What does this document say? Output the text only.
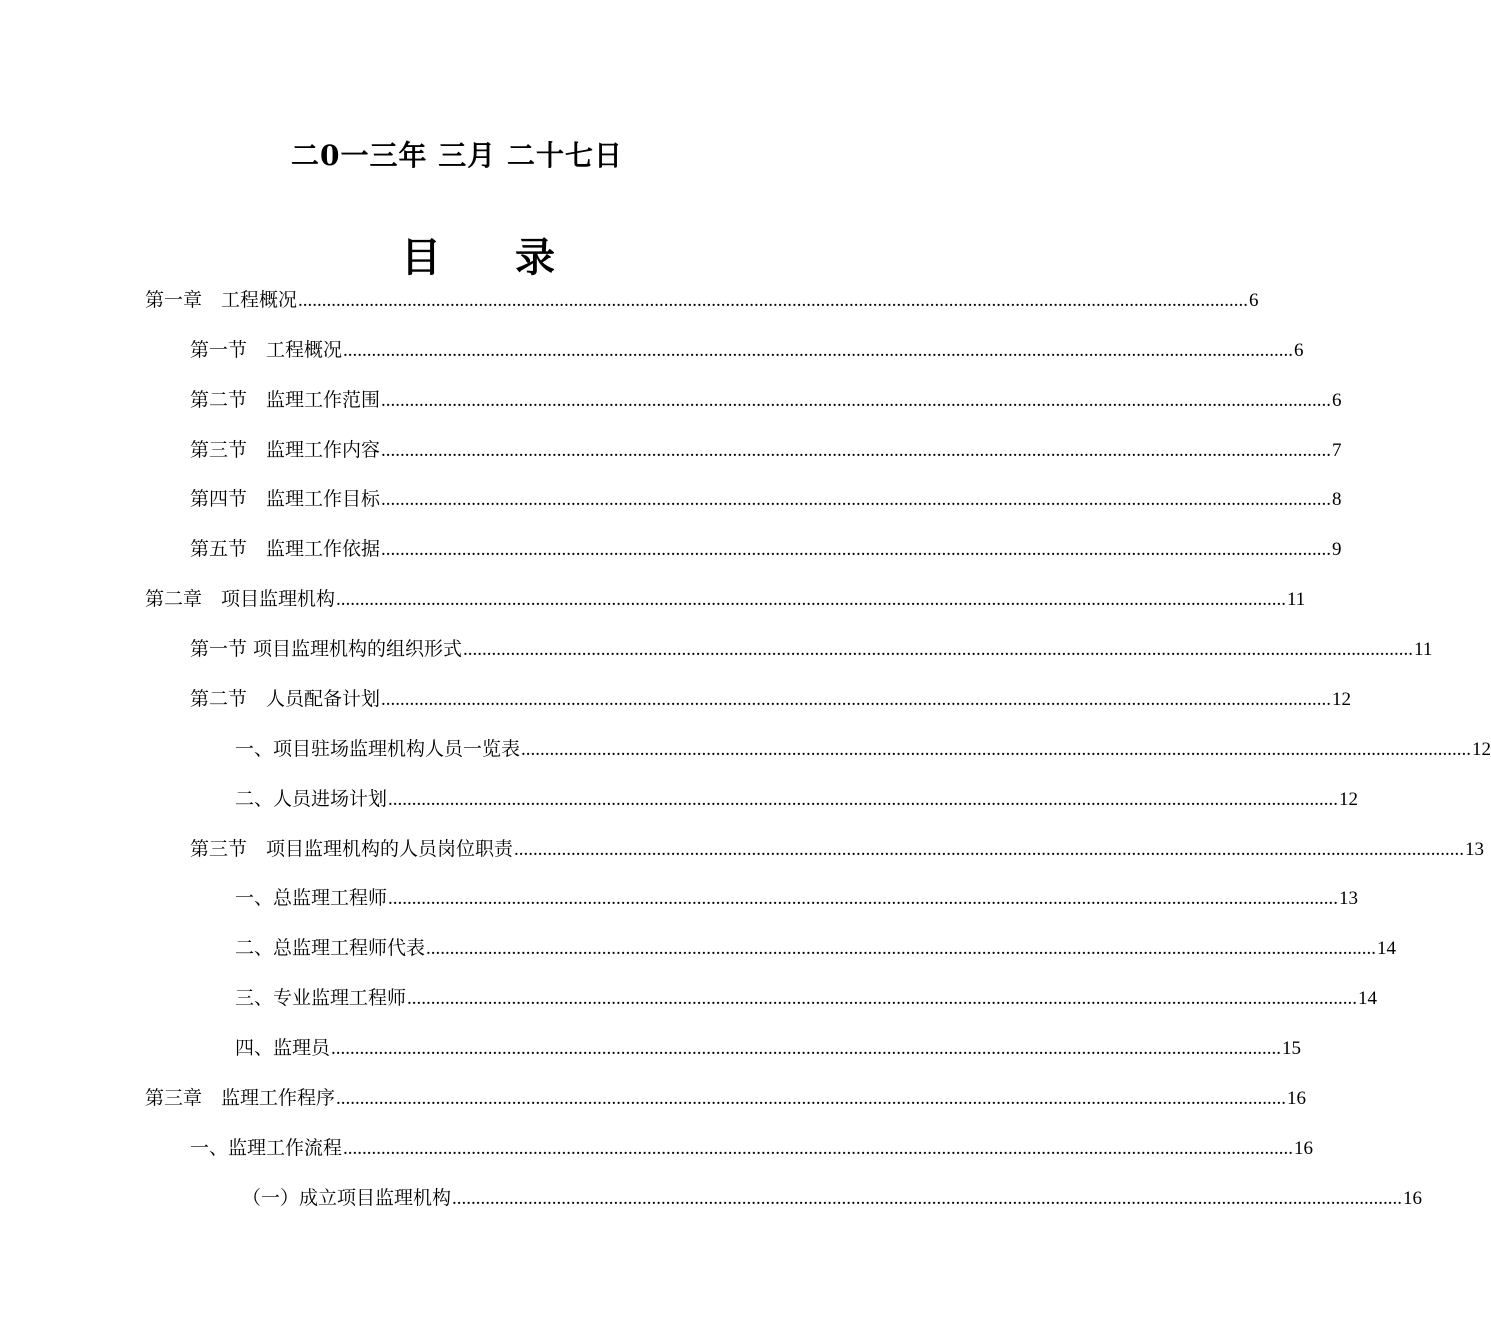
二0一三年 三月 二十七日
目 录
第一章　工程概况 ........................................................................................................................................................................................................ 6
第一节　工程概况 ........................................................................................................................................................................................................ 6
第二节　监理工作范围 ........................................................................................................................................................................................................ 6
第三节　监理工作内容 ........................................................................................................................................................................................................ 7
第四节　监理工作目标 ........................................................................................................................................................................................................ 8
第五节　监理工作依据 ........................................................................................................................................................................................................ 9
第二章　项目监理机构 ........................................................................................................................................................................................................ 11
第一节 项目监理机构的组织形式 ........................................................................................................................................................................................................ 11
第二节　人员配备计划 ........................................................................................................................................................................................................ 12
一、项目驻场监理机构人员一览表 ........................................................................................................................................................................................................ 12
二、人员进场计划 ........................................................................................................................................................................................................ 12
第三节　项目监理机构的人员岗位职责 ........................................................................................................................................................................................................ 13
一、总监理工程师 ........................................................................................................................................................................................................ 13
二、总监理工程师代表 ........................................................................................................................................................................................................ 14
三、专业监理工程师 ........................................................................................................................................................................................................ 14
四、监理员 ........................................................................................................................................................................................................ 15
第三章　监理工作程序 ........................................................................................................................................................................................................ 16
一、监理工作流程 ........................................................................................................................................................................................................ 16
（一）成立项目监理机构 ........................................................................................................................................................................................................ 16
